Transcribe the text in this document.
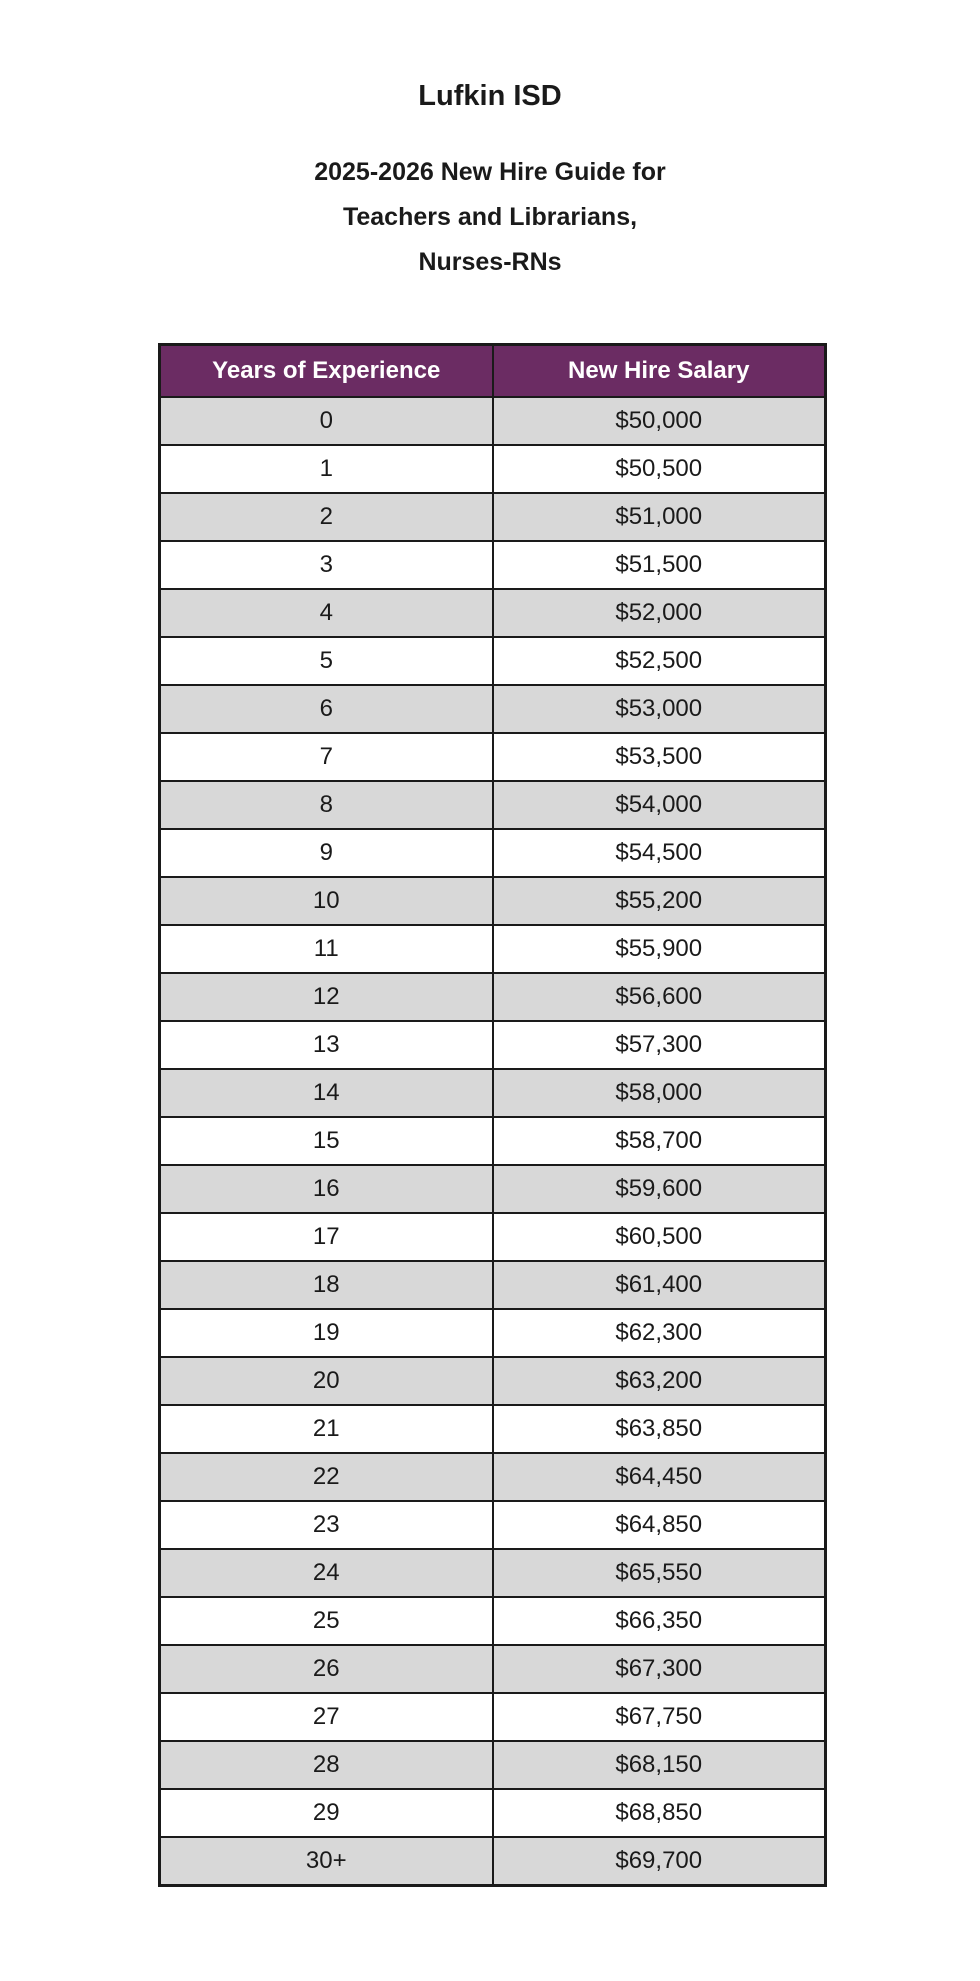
Lufkin ISD
2025-2026 New Hire Guide for
Teachers and Librarians,
Nurses-RNs
Years of Experience	New Hire Salary
0	$50,000
1	$50,500
2	$51,000
3	$51,500
4	$52,000
5	$52,500
6	$53,000
7	$53,500
8	$54,000
9	$54,500
10	$55,200
11	$55,900
12	$56,600
13	$57,300
14	$58,000
15	$58,700
16	$59,600
17	$60,500
18	$61,400
19	$62,300
20	$63,200
21	$63,850
22	$64,450
23	$64,850
24	$65,550
25	$66,350
26	$67,300
27	$67,750
28	$68,150
29	$68,850
30+	$69,700
